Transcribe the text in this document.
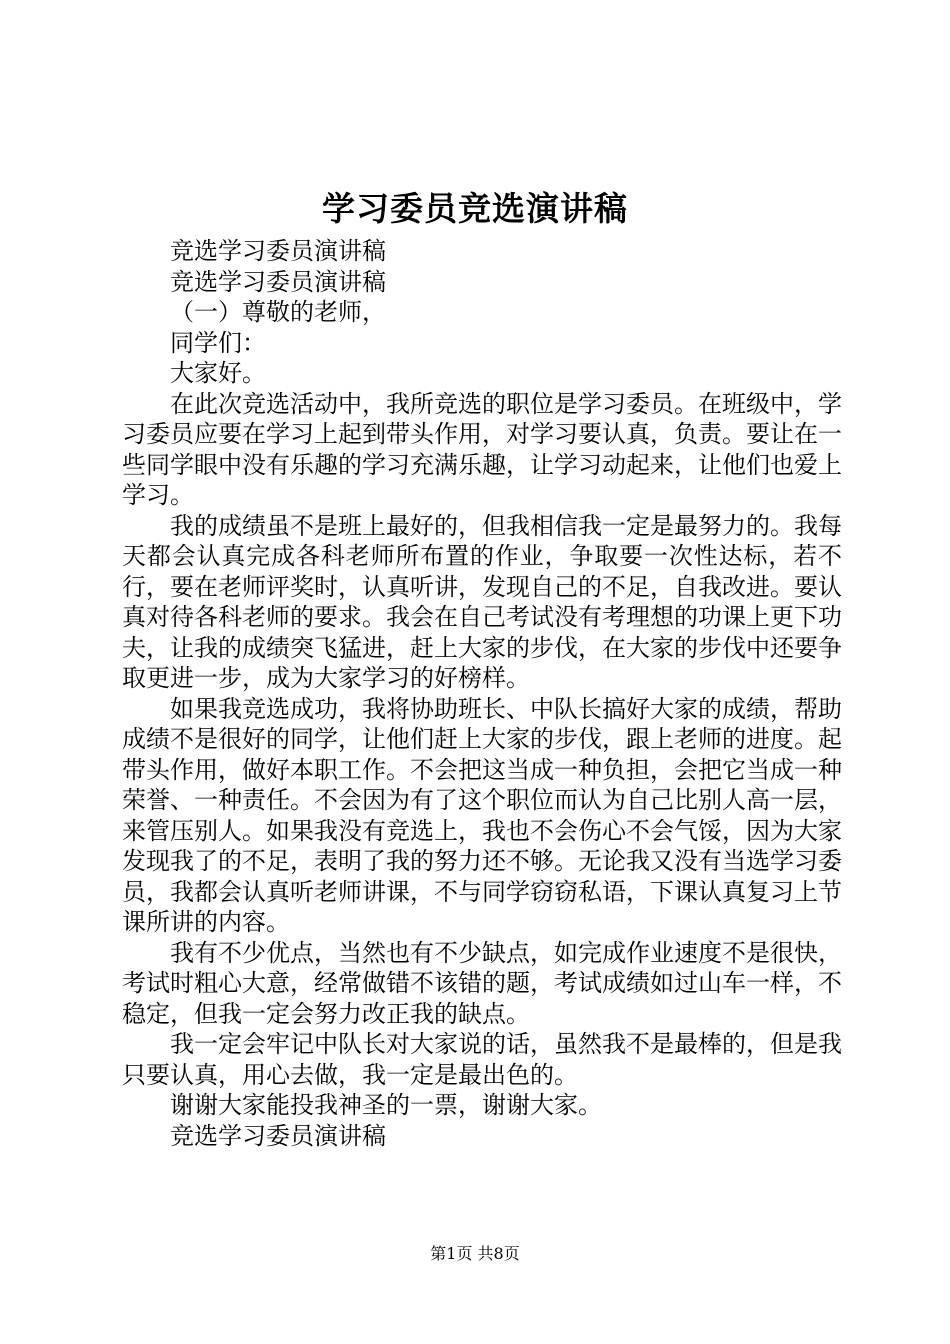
学习委员竞选演讲稿

竞选学习委员演讲稿

竞选学习委员演讲稿

（一）尊敬的老师，

同学们：

大家好。

在此次竞选活动中，我所竞选的职位是学习委员。在班级中，学习委员应要在学习上起到带头作用，对学习要认真，负责。要让在一些同学眼中没有乐趣的学习充满乐趣，让学习动起来，让他们也爱上学习。

我的成绩虽不是班上最好的，但我相信我一定是最努力的。我每天都会认真完成各科老师所布置的作业，争取要一次性达标，若不行，要在老师评奖时，认真听讲，发现自己的不足，自我改进。要认真对待各科老师的要求。我会在自己考试没有考理想的功课上更下功夫，让我的成绩突飞猛进，赶上大家的步伐，在大家的步伐中还要争取更进一步，成为大家学习的好榜样。

如果我竞选成功，我将协助班长、中队长搞好大家的成绩，帮助成绩不是很好的同学，让他们赶上大家的步伐，跟上老师的进度。起带头作用，做好本职工作。不会把这当成一种负担，会把它当成一种荣誉、一种责任。不会因为有了这个职位而认为自己比别人高一层，来管压别人。如果我没有竞选上，我也不会伤心不会气馁，因为大家发现我了的不足，表明了我的努力还不够。无论我又没有当选学习委员，我都会认真听老师讲课，不与同学窃窃私语，下课认真复习上节课所讲的内容。

我有不少优点，当然也有不少缺点，如完成作业速度不是很快，考试时粗心大意，经常做错不该错的题，考试成绩如过山车一样，不稳定，但我一定会努力改正我的缺点。

我一定会牢记中队长对大家说的话，虽然我不是最棒的，但是我只要认真，用心去做，我一定是最出色的。

谢谢大家能投我神圣的一票，谢谢大家。

竞选学习委员演讲稿

第1页 共8页
